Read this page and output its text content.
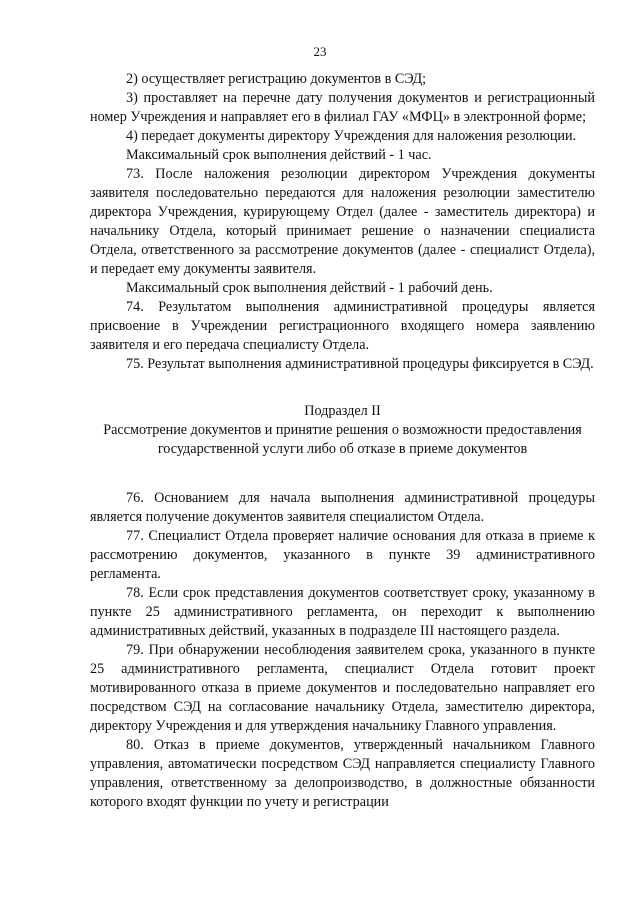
23

2) осуществляет регистрацию документов в СЭД;

3) проставляет на перечне дату получения документов и регистрационный номер Учреждения и направляет его в филиал ГАУ «МФЦ» в электронной форме;

4) передает документы директору Учреждения для наложения резолюции.

Максимальный срок выполнения действий - 1 час.

73. После наложения резолюции директором Учреждения документы заявителя последовательно передаются для наложения резолюции заместителю директора Учреждения, курирующему Отдел (далее - заместитель директора) и начальнику Отдела, который принимает решение о назначении специалиста Отдела, ответственного за рассмотрение документов (далее - специалист Отдела), и передает ему документы заявителя.

Максимальный срок выполнения действий - 1 рабочий день.

74. Результатом выполнения административной процедуры является присвоение в Учреждении регистрационного входящего номера заявлению заявителя и его передача специалисту Отдела.

75. Результат выполнения административной процедуры фиксируется в СЭД.

Подраздел II

Рассмотрение документов и принятие решения о возможности предоставления государственной услуги либо об отказе в приеме документов

76. Основанием для начала выполнения административной процедуры является получение документов заявителя специалистом Отдела.

77. Специалист Отдела проверяет наличие основания для отказа в приеме к рассмотрению документов, указанного в пункте 39 административного регламента.

78. Если срок представления документов соответствует сроку, указанному в пункте 25 административного регламента, он переходит к выполнению административных действий, указанных в подразделе III настоящего раздела.

79. При обнаружении несоблюдения заявителем срока, указанного в пункте 25 административного регламента, специалист Отдела готовит проект мотивированного отказа в приеме документов и последовательно направляет его посредством СЭД на согласование начальнику Отдела, заместителю директора, директору Учреждения и для утверждения начальнику Главного управления.

80. Отказ в приеме документов, утвержденный начальником Главного управления, автоматически посредством СЭД направляется специалисту Главного управления, ответственному за делопроизводство, в должностные обязанности которого входят функции по учету и регистрации
